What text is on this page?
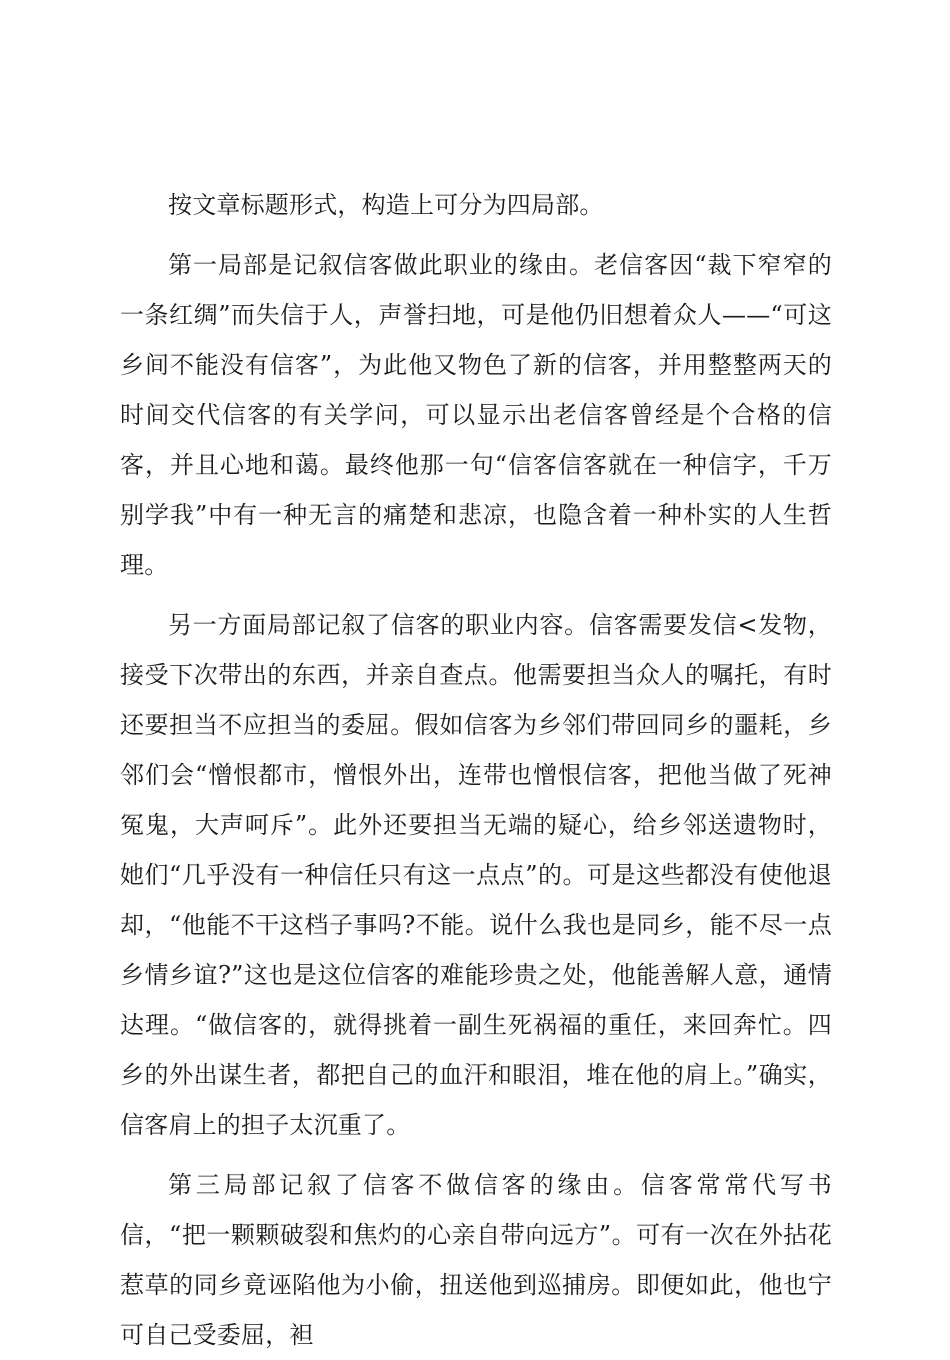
按文章标题形式，构造上可分为四局部。

第一局部是记叙信客做此职业的缘由。老信客因“裁下窄窄的一条红绸”而失信于人，声誉扫地，可是他仍旧想着众人——“可这乡间不能没有信客”，为此他又物色了新的信客，并用整整两天的时间交代信客的有关学问，可以显示出老信客曾经是个合格的信客，并且心地和蔼。最终他那一句“信客信客就在一种信字，千万别学我”中有一种无言的痛楚和悲凉，也隐含着一种朴实的人生哲理。

另一方面局部记叙了信客的职业内容。信客需要发信<发物，接受下次带出的东西，并亲自查点。他需要担当众人的嘱托，有时还要担当不应担当的委屈。假如信客为乡邻们带回同乡的噩耗，乡邻们会“憎恨都市，憎恨外出，连带也憎恨信客，把他当做了死神冤鬼，大声呵斥”。此外还要担当无端的疑心，给乡邻送遗物时，她们“几乎没有一种信任只有这一点点”的。可是这些都没有使他退却，“他能不干这档子事吗?不能。说什么我也是同乡，能不尽一点乡情乡谊?”这也是这位信客的难能珍贵之处，他能善解人意，通情达理。“做信客的，就得挑着一副生死祸福的重任，来回奔忙。四乡的外出谋生者，都把自己的血汗和眼泪，堆在他的肩上。”确实，信客肩上的担子太沉重了。

第三局部记叙了信客不做信客的缘由。信客常常代写书信，“把一颗颗破裂和焦灼的心亲自带向远方”。可有一次在外拈花惹草的同乡竟诬陷他为小偷，扭送他到巡捕房。即便如此，他也宁可自己受委屈，袒
